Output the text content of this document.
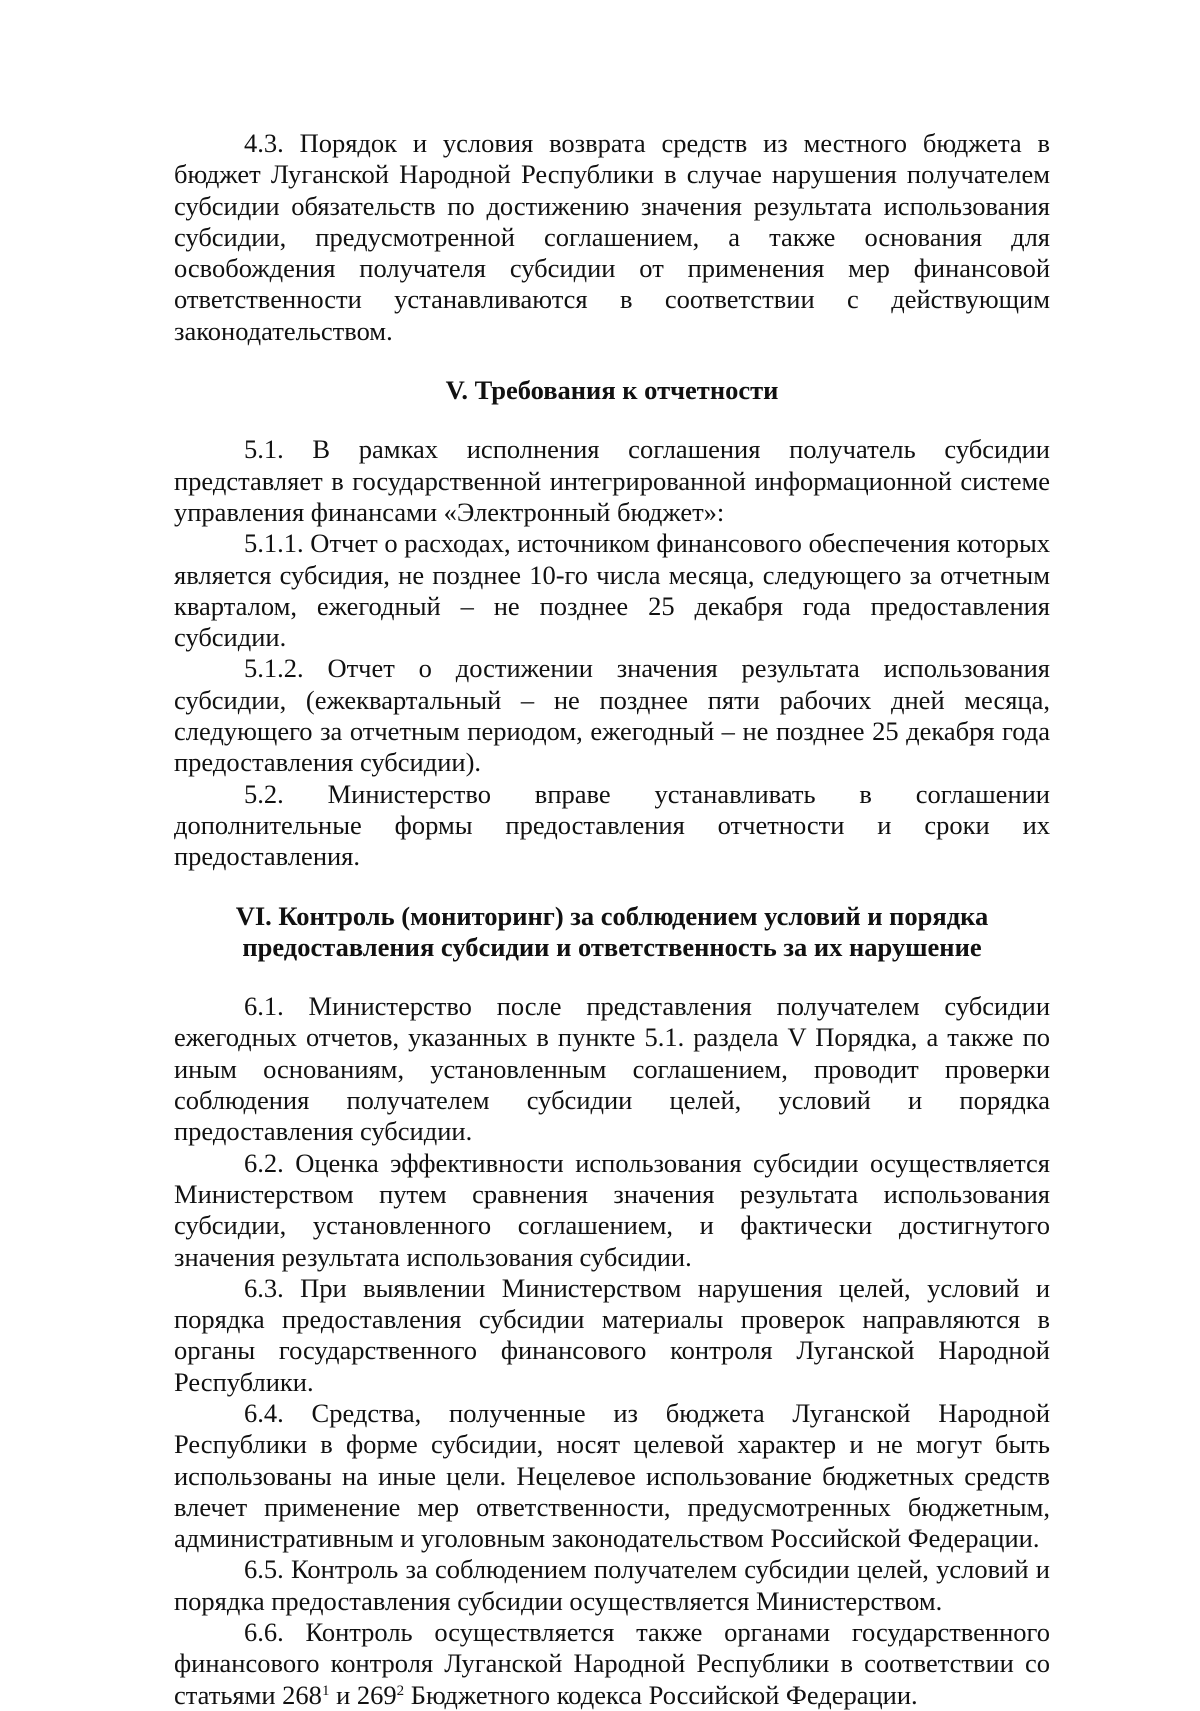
4.3. Порядок и условия возврата средств из местного бюджета в бюджет Луганской Народной Республики в случае нарушения получателем субсидии обязательств по достижению значения результата использования субсидии, предусмотренной соглашением, а также основания для освобождения получателя субсидии от применения мер финансовой ответственности устанавливаются в соответствии с действующим законодательством.

V. Требования к отчетности

5.1. В рамках исполнения соглашения получатель субсидии представляет в государственной интегрированной информационной системе управления финансами «Электронный бюджет»:

5.1.1. Отчет о расходах, источником финансового обеспечения которых является субсидия, не позднее 10-го числа месяца, следующего за отчетным кварталом, ежегодный – не позднее 25 декабря года предоставления субсидии.

5.1.2. Отчет о достижении значения результата использования субсидии, (ежеквартальный – не позднее пяти рабочих дней месяца, следующего за отчетным периодом, ежегодный – не позднее 25 декабря года предоставления субсидии).

5.2. Министерство вправе устанавливать в соглашении дополнительные формы предоставления отчетности и сроки их предоставления.

VI. Контроль (мониторинг) за соблюдением условий и порядка
предоставления субсидии и ответственность за их нарушение

6.1. Министерство после представления получателем субсидии ежегодных отчетов, указанных в пункте 5.1. раздела V Порядка, а также по иным основаниям, установленным соглашением, проводит проверки соблюдения получателем субсидии целей, условий и порядка предоставления субсидии.

6.2. Оценка эффективности использования субсидии осуществляется Министерством путем сравнения значения результата использования субсидии, установленного соглашением, и фактически достигнутого значения результата использования субсидии.

6.3. При выявлении Министерством нарушения целей, условий и порядка предоставления субсидии материалы проверок направляются в органы государственного финансового контроля Луганской Народной Республики.

6.4. Средства, полученные из бюджета Луганской Народной Республики в форме субсидии, носят целевой характер и не могут быть использованы на иные цели. Нецелевое использование бюджетных средств влечет применение мер ответственности, предусмотренных бюджетным, административным и уголовным законодательством Российской Федерации.

6.5. Контроль за соблюдением получателем субсидии целей, условий и порядка предоставления субсидии осуществляется Министерством.

6.6. Контроль осуществляется также органами государственного финансового контроля Луганской Народной Республики в соответствии со статьями $268^1$ и $269^2$ Бюджетного кодекса Российской Федерации.
